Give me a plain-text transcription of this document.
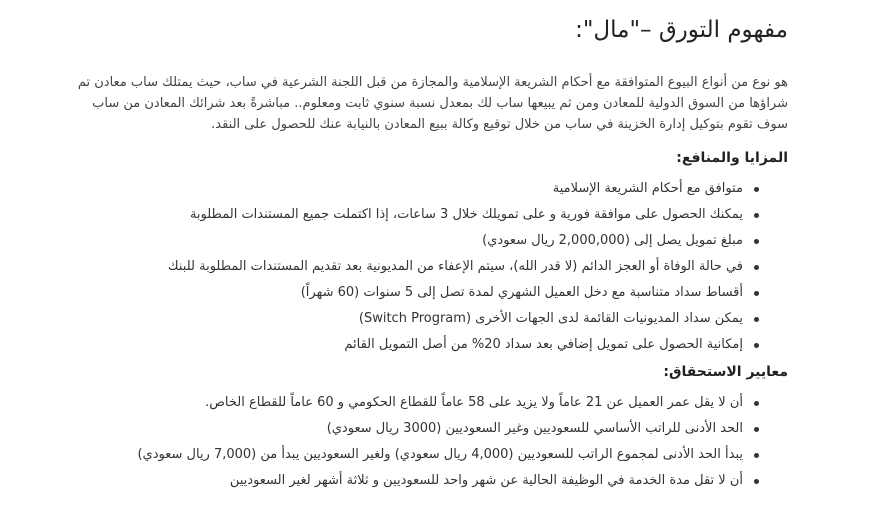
مفهوم التورق –"مال":

هو نوع من أنواع البيوع المتوافقة مع أحكام الشريعة الإسلامية والمجازة من قبل اللجنة الشرعية في ساب، حيث يمتلك ساب معادن تم شراؤها من السوق الدولية للمعادن ومن ثم يبيعها ساب لك بمعدل نسبة سنوي ثابت ومعلوم.. مباشرةً بعد شرائك المعادن من ساب سوف تقوم بتوكيل إدارة الخزينة في ساب من خلال توقيع وكالة ببيع المعادن بالنيابة عنك للحصول على النقد.

المزايا والمنافع:
متوافق مع أحكام الشريعة الإسلامية
يمكنك الحصول على موافقة فورية و على تمويلك خلال 3 ساعات، إذا اكتملت جميع المستندات المطلوبة
مبلغ تمويل يصل إلى (2,000,000 ريال سعودي)
في حالة الوفاة أو العجز الدائم (لا قدر الله)، سيتم الإعفاء من المديونية بعد تقديم المستندات المطلوبة للبنك
أقساط سداد متناسبة مع دخل العميل الشهري لمدة تصل إلى 5 سنوات (60 شهراً)
يمكن سداد المديونيات القائمة لدى الجهات الأخرى (Switch Program)
إمكانية الحصول على تمويل إضافي بعد سداد 20% من أصل التمويل القائم
معايير الاستحقاق:
أن لا يقل عمر العميل عن 21 عاماً ولا يزيد على 58 عاماً للقطاع الحكومي و 60 عاماً للقطاع الخاص.
الحد الأدنى للراتب الأساسي للسعوديين وغير السعوديين (3000 ريال سعودي)
يبدأ الحد الأدنى لمجموع الراتب للسعوديين (4,000 ريال سعودي) ولغير السعوديين يبدأ من (7,000 ريال سعودي)
أن لا تقل مدة الخدمة في الوظيفة الحالية عن شهر واحد للسعوديين و ثلاثة أشهر لغير السعوديين
